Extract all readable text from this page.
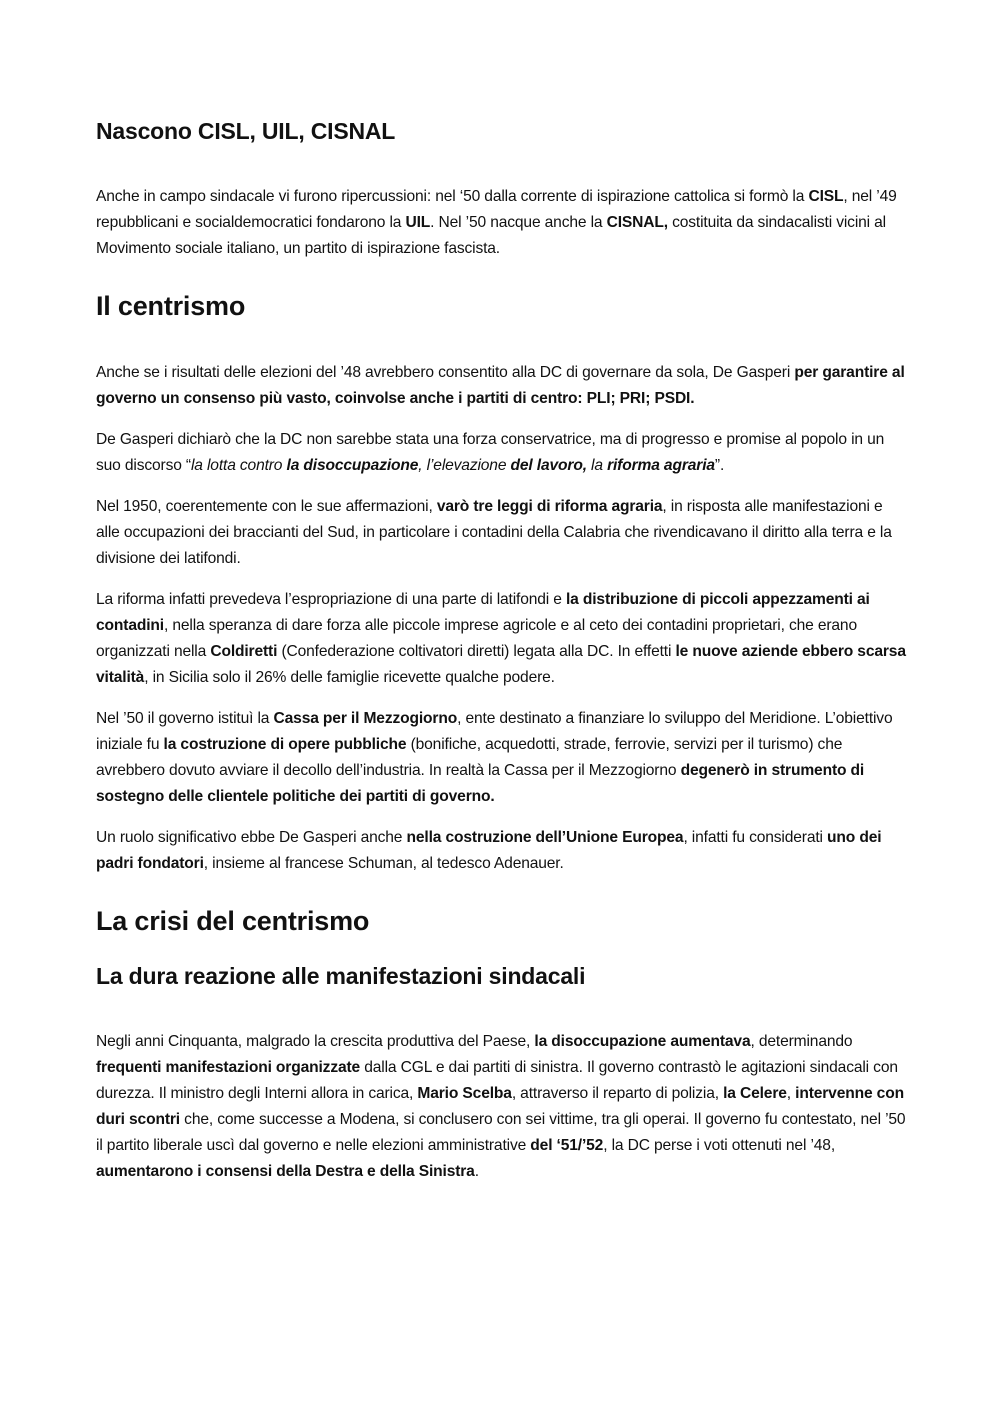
Nascono CISL, UIL, CISNAL

Anche in campo sindacale vi furono ripercussioni: nel ‘50 dalla corrente di ispirazione cattolica si formò la CISL, nel ’49 repubblicani e socialdemocratici fondarono la UIL. Nel ’50 nacque anche la CISNAL, costituita da sindacalisti vicini al Movimento sociale italiano, un partito di ispirazione fascista.

Il centrismo

Anche se i risultati delle elezioni del ’48 avrebbero consentito alla DC di governare da sola, De Gasperi per garantire al governo un consenso più vasto, coinvolse anche i partiti di centro: PLI; PRI; PSDI.

De Gasperi dichiarò che la DC non sarebbe stata una forza conservatrice, ma di progresso e promise al popolo in un suo discorso “la lotta contro la disoccupazione, l’elevazione del lavoro, la riforma agraria”.

Nel 1950, coerentemente con le sue affermazioni, varò tre leggi di riforma agraria, in risposta alle manifestazioni e alle occupazioni dei braccianti del Sud, in particolare i contadini della Calabria che rivendicavano il diritto alla terra e la divisione dei latifondi.

La riforma infatti prevedeva l’espropriazione di una parte di latifondi e la distribuzione di piccoli appezzamenti ai contadini, nella speranza di dare forza alle piccole imprese agricole e al ceto dei contadini proprietari, che erano organizzati nella Coldiretti (Confederazione coltivatori diretti) legata alla DC. In effetti le nuove aziende ebbero scarsa vitalità, in Sicilia solo il 26% delle famiglie ricevette qualche podere.

Nel ’50 il governo istituì la Cassa per il Mezzogiorno, ente destinato a finanziare lo sviluppo del Meridione. L’obiettivo iniziale fu la costruzione di opere pubbliche (bonifiche, acquedotti, strade, ferrovie, servizi per il turismo) che avrebbero dovuto avviare il decollo dell’industria. In realtà la Cassa per il Mezzogiorno degenerò in strumento di sostegno delle clientele politiche dei partiti di governo.

Un ruolo significativo ebbe De Gasperi anche nella costruzione dell’Unione Europea, infatti fu considerati uno dei padri fondatori, insieme al francese Schuman, al tedesco Adenauer.

La crisi del centrismo
La dura reazione alle manifestazioni sindacali

Negli anni Cinquanta, malgrado la crescita produttiva del Paese, la disoccupazione aumentava, determinando frequenti manifestazioni organizzate dalla CGL e dai partiti di sinistra. Il governo contrastò le agitazioni sindacali con durezza. Il ministro degli Interni allora in carica, Mario Scelba, attraverso il reparto di polizia, la Celere, intervenne con duri scontri che, come successe a Modena, si conclusero con sei vittime, tra gli operai. Il governo fu contestato, nel ’50 il partito liberale uscì dal governo e nelle elezioni amministrative del ‘51/’52, la DC perse i voti ottenuti nel ’48, aumentarono i consensi della Destra e della Sinistra.
